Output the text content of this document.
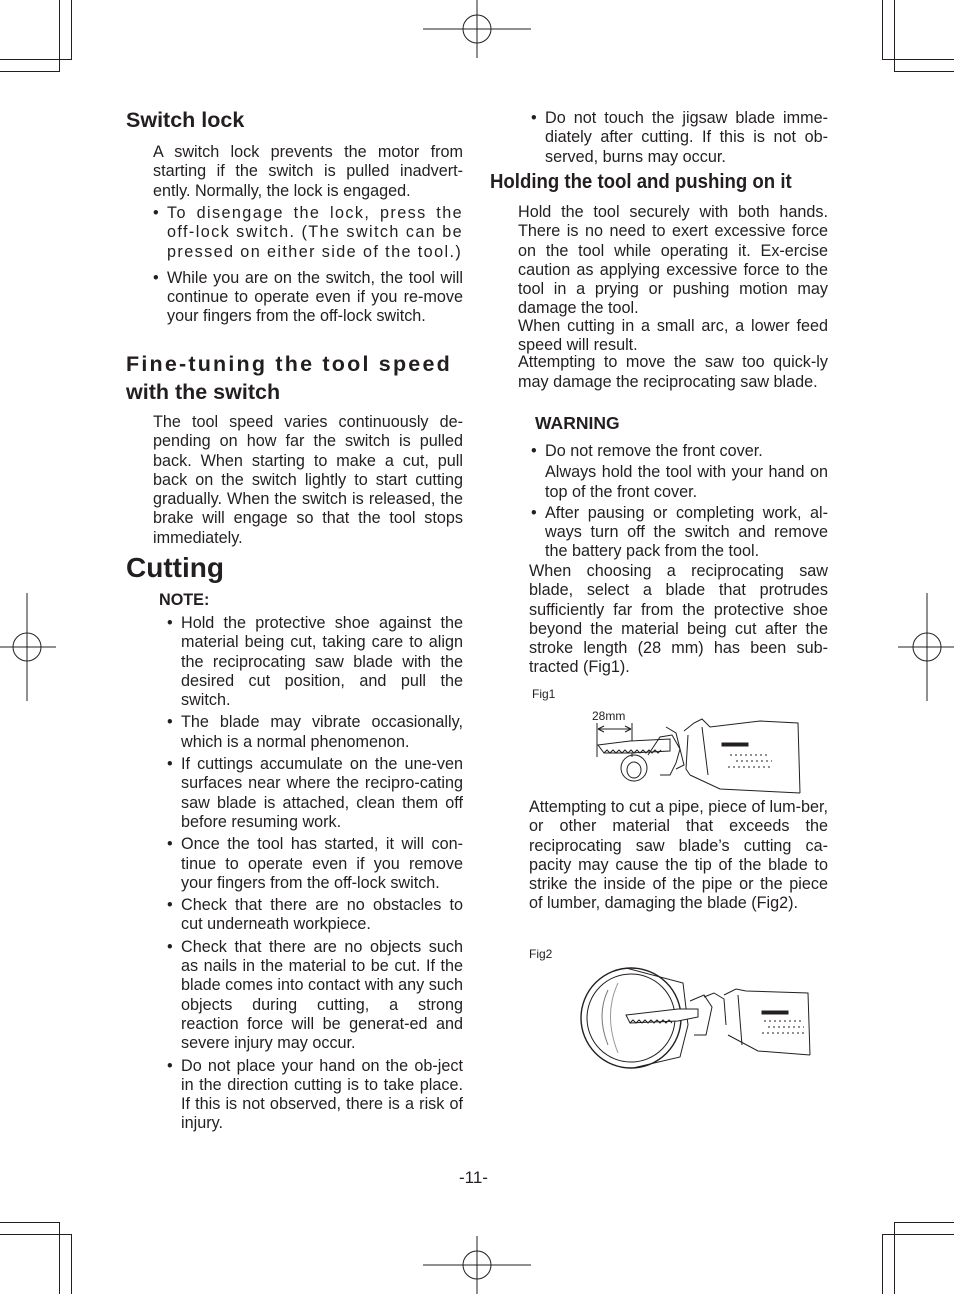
Switch lock

A switch lock prevents the motor from starting if the switch is pulled inadvert-ently. Normally, the lock is engaged.

• To disengage the lock, press the off-lock switch. (The switch can be pressed on either side of the tool.)
• While you are on the switch, the tool will continue to operate even if you re-move your fingers from the off-lock switch.
Fine-tuning the tool speed
with the switch

The tool speed varies continuously de-pending on how far the switch is pulled back. When starting to make a cut, pull back on the switch lightly to start cutting gradually. When the switch is released, the brake will engage so that the tool stops immediately.

Cutting
NOTE:
• Hold the protective shoe against the material being cut, taking care to align the reciprocating saw blade with the desired cut position, and pull the switch.
• The blade may vibrate occasionally, which is a normal phenomenon.
• If cuttings accumulate on the une-ven surfaces near where the recipro-cating saw blade is attached, clean them off before resuming work.
• Once the tool has started, it will con-tinue to operate even if you remove your fingers from the off-lock switch.
• Check that there are no obstacles to cut underneath workpiece.
• Check that there are no objects such as nails in the material to be cut. If the blade comes into contact with any such objects during cutting, a strong reaction force will be generat-ed and severe injury may occur.
• Do not place your hand on the ob-ject in the direction cutting is to take place. If this is not observed, there is a risk of injury.
• Do not touch the jigsaw blade imme-diately after cutting. If this is not ob-served, burns may occur.
Holding the tool and pushing on it

Hold the tool securely with both hands. There is no need to exert excessive force on the tool while operating it. Ex-ercise caution as applying excessive force to the tool in a prying or pushing motion may damage the tool.

When cutting in a small arc, a lower feed speed will result.

Attempting to move the saw too quick-ly may damage the reciprocating saw blade.

WARNING
• Do not remove the front cover.
Always hold the tool with your hand on top of the front cover.
• After pausing or completing work, al-ways turn off the switch and remove the battery pack from the tool.

When choosing a reciprocating saw blade, select a blade that protrudes sufficiently far from the protective shoe beyond the material being cut after the stroke length (28 mm) has been sub-tracted (Fig1).

Fig1
28mm

Attempting to cut a pipe, piece of lum-ber, or other material that exceeds the reciprocating saw blade’s cutting ca-pacity may cause the tip of the blade to strike the inside of the pipe or the piece of lumber, damaging the blade (Fig2).

Fig2
-11-
